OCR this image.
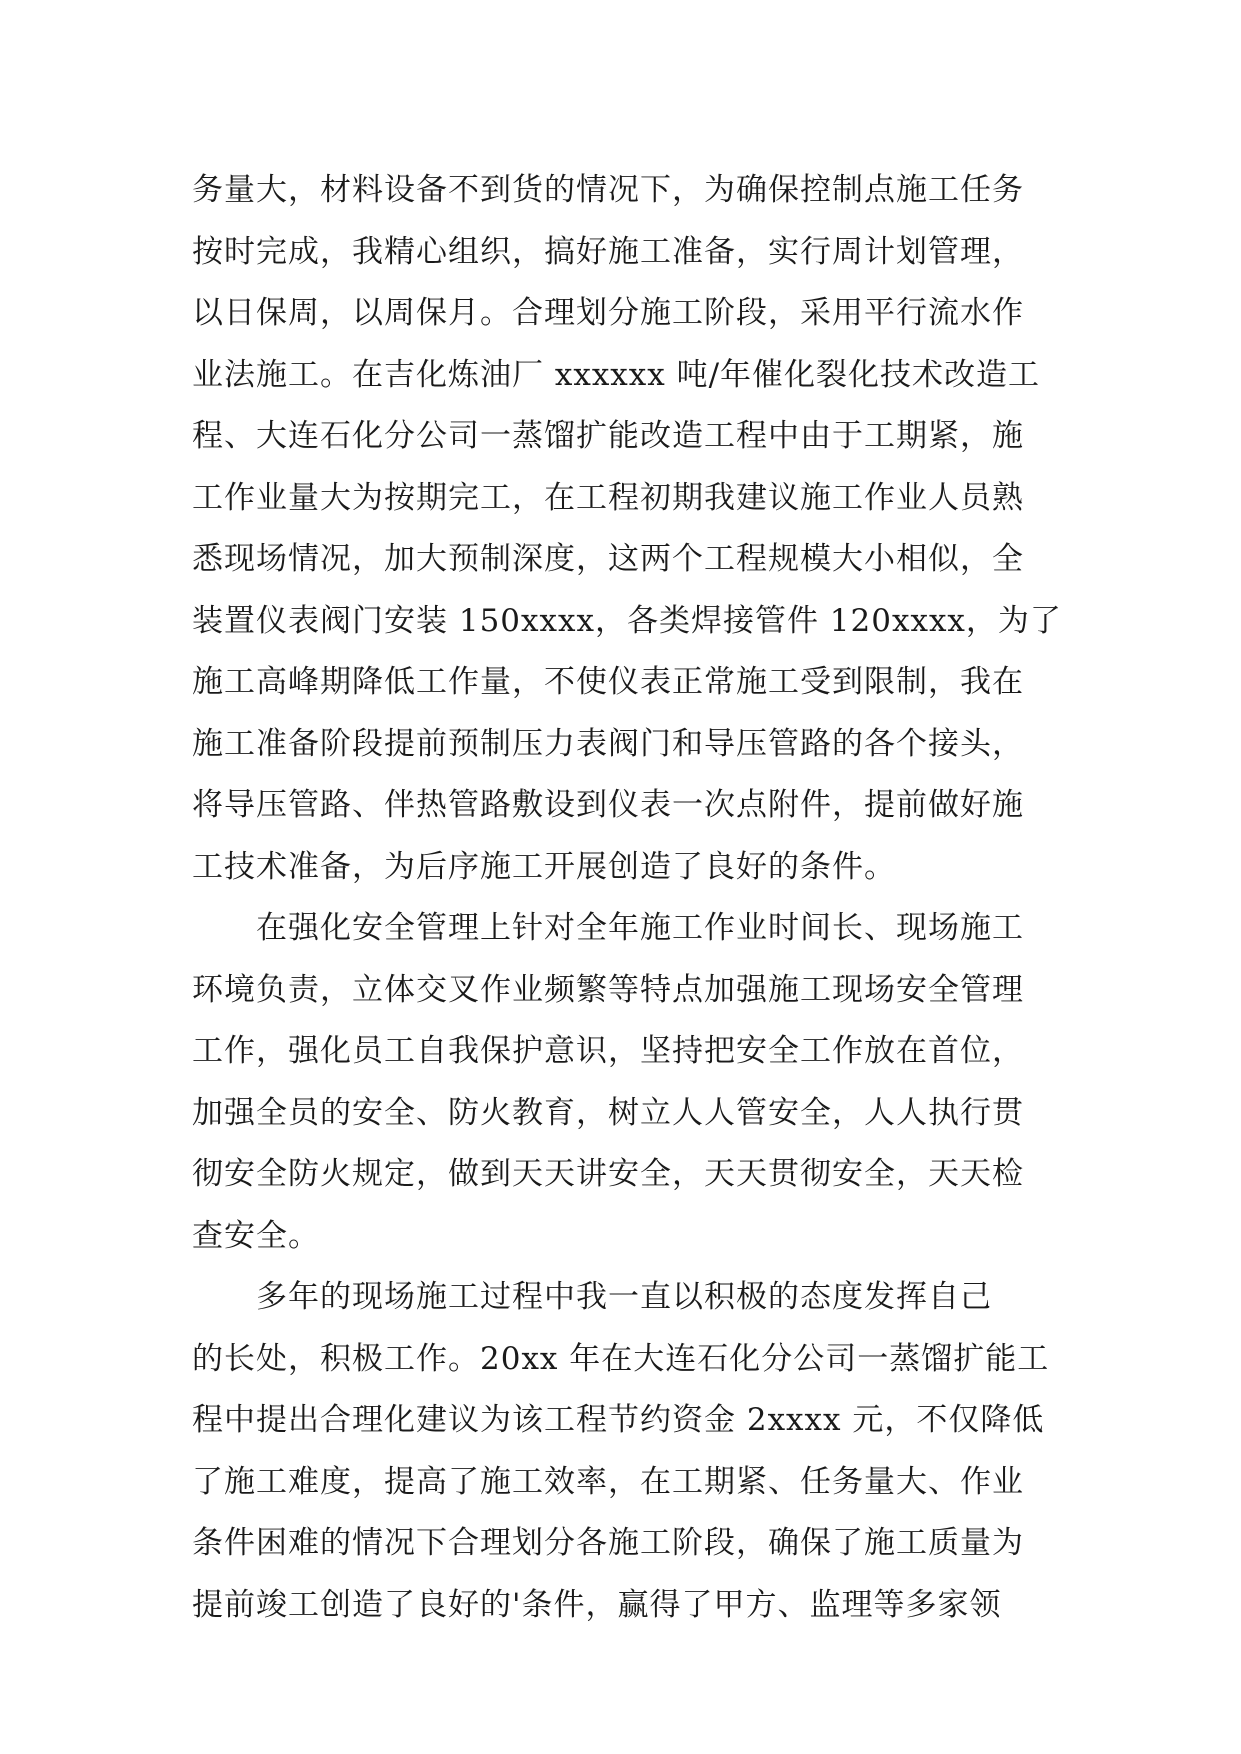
务量大，材料设备不到货的情况下，为确保控制点施工任务
按时完成，我精心组织，搞好施工准备，实行周计划管理，
以日保周，以周保月。合理划分施工阶段，采用平行流水作
业法施工。在吉化炼油厂 xxxxxx 吨/年催化裂化技术改造工
程、大连石化分公司一蒸馏扩能改造工程中由于工期紧，施
工作业量大为按期完工，在工程初期我建议施工作业人员熟
悉现场情况，加大预制深度，这两个工程规模大小相似，全
装置仪表阀门安装 150xxxx，各类焊接管件 120xxxx，为了
施工高峰期降低工作量，不使仪表正常施工受到限制，我在
施工准备阶段提前预制压力表阀门和导压管路的各个接头，
将导压管路、伴热管路敷设到仪表一次点附件，提前做好施
工技术准备，为后序施工开展创造了良好的条件。
在强化安全管理上针对全年施工作业时间长、现场施工
环境负责，立体交叉作业频繁等特点加强施工现场安全管理
工作，强化员工自我保护意识，坚持把安全工作放在首位，
加强全员的安全、防火教育，树立人人管安全，人人执行贯
彻安全防火规定，做到天天讲安全，天天贯彻安全，天天检
查安全。
多年的现场施工过程中我一直以积极的态度发挥自己
的长处，积极工作。20xx 年在大连石化分公司一蒸馏扩能工
程中提出合理化建议为该工程节约资金 2xxxx 元，不仅降低
了施工难度，提高了施工效率，在工期紧、任务量大、作业
条件困难的情况下合理划分各施工阶段，确保了施工质量为
提前竣工创造了良好的'条件，赢得了甲方、监理等多家领
